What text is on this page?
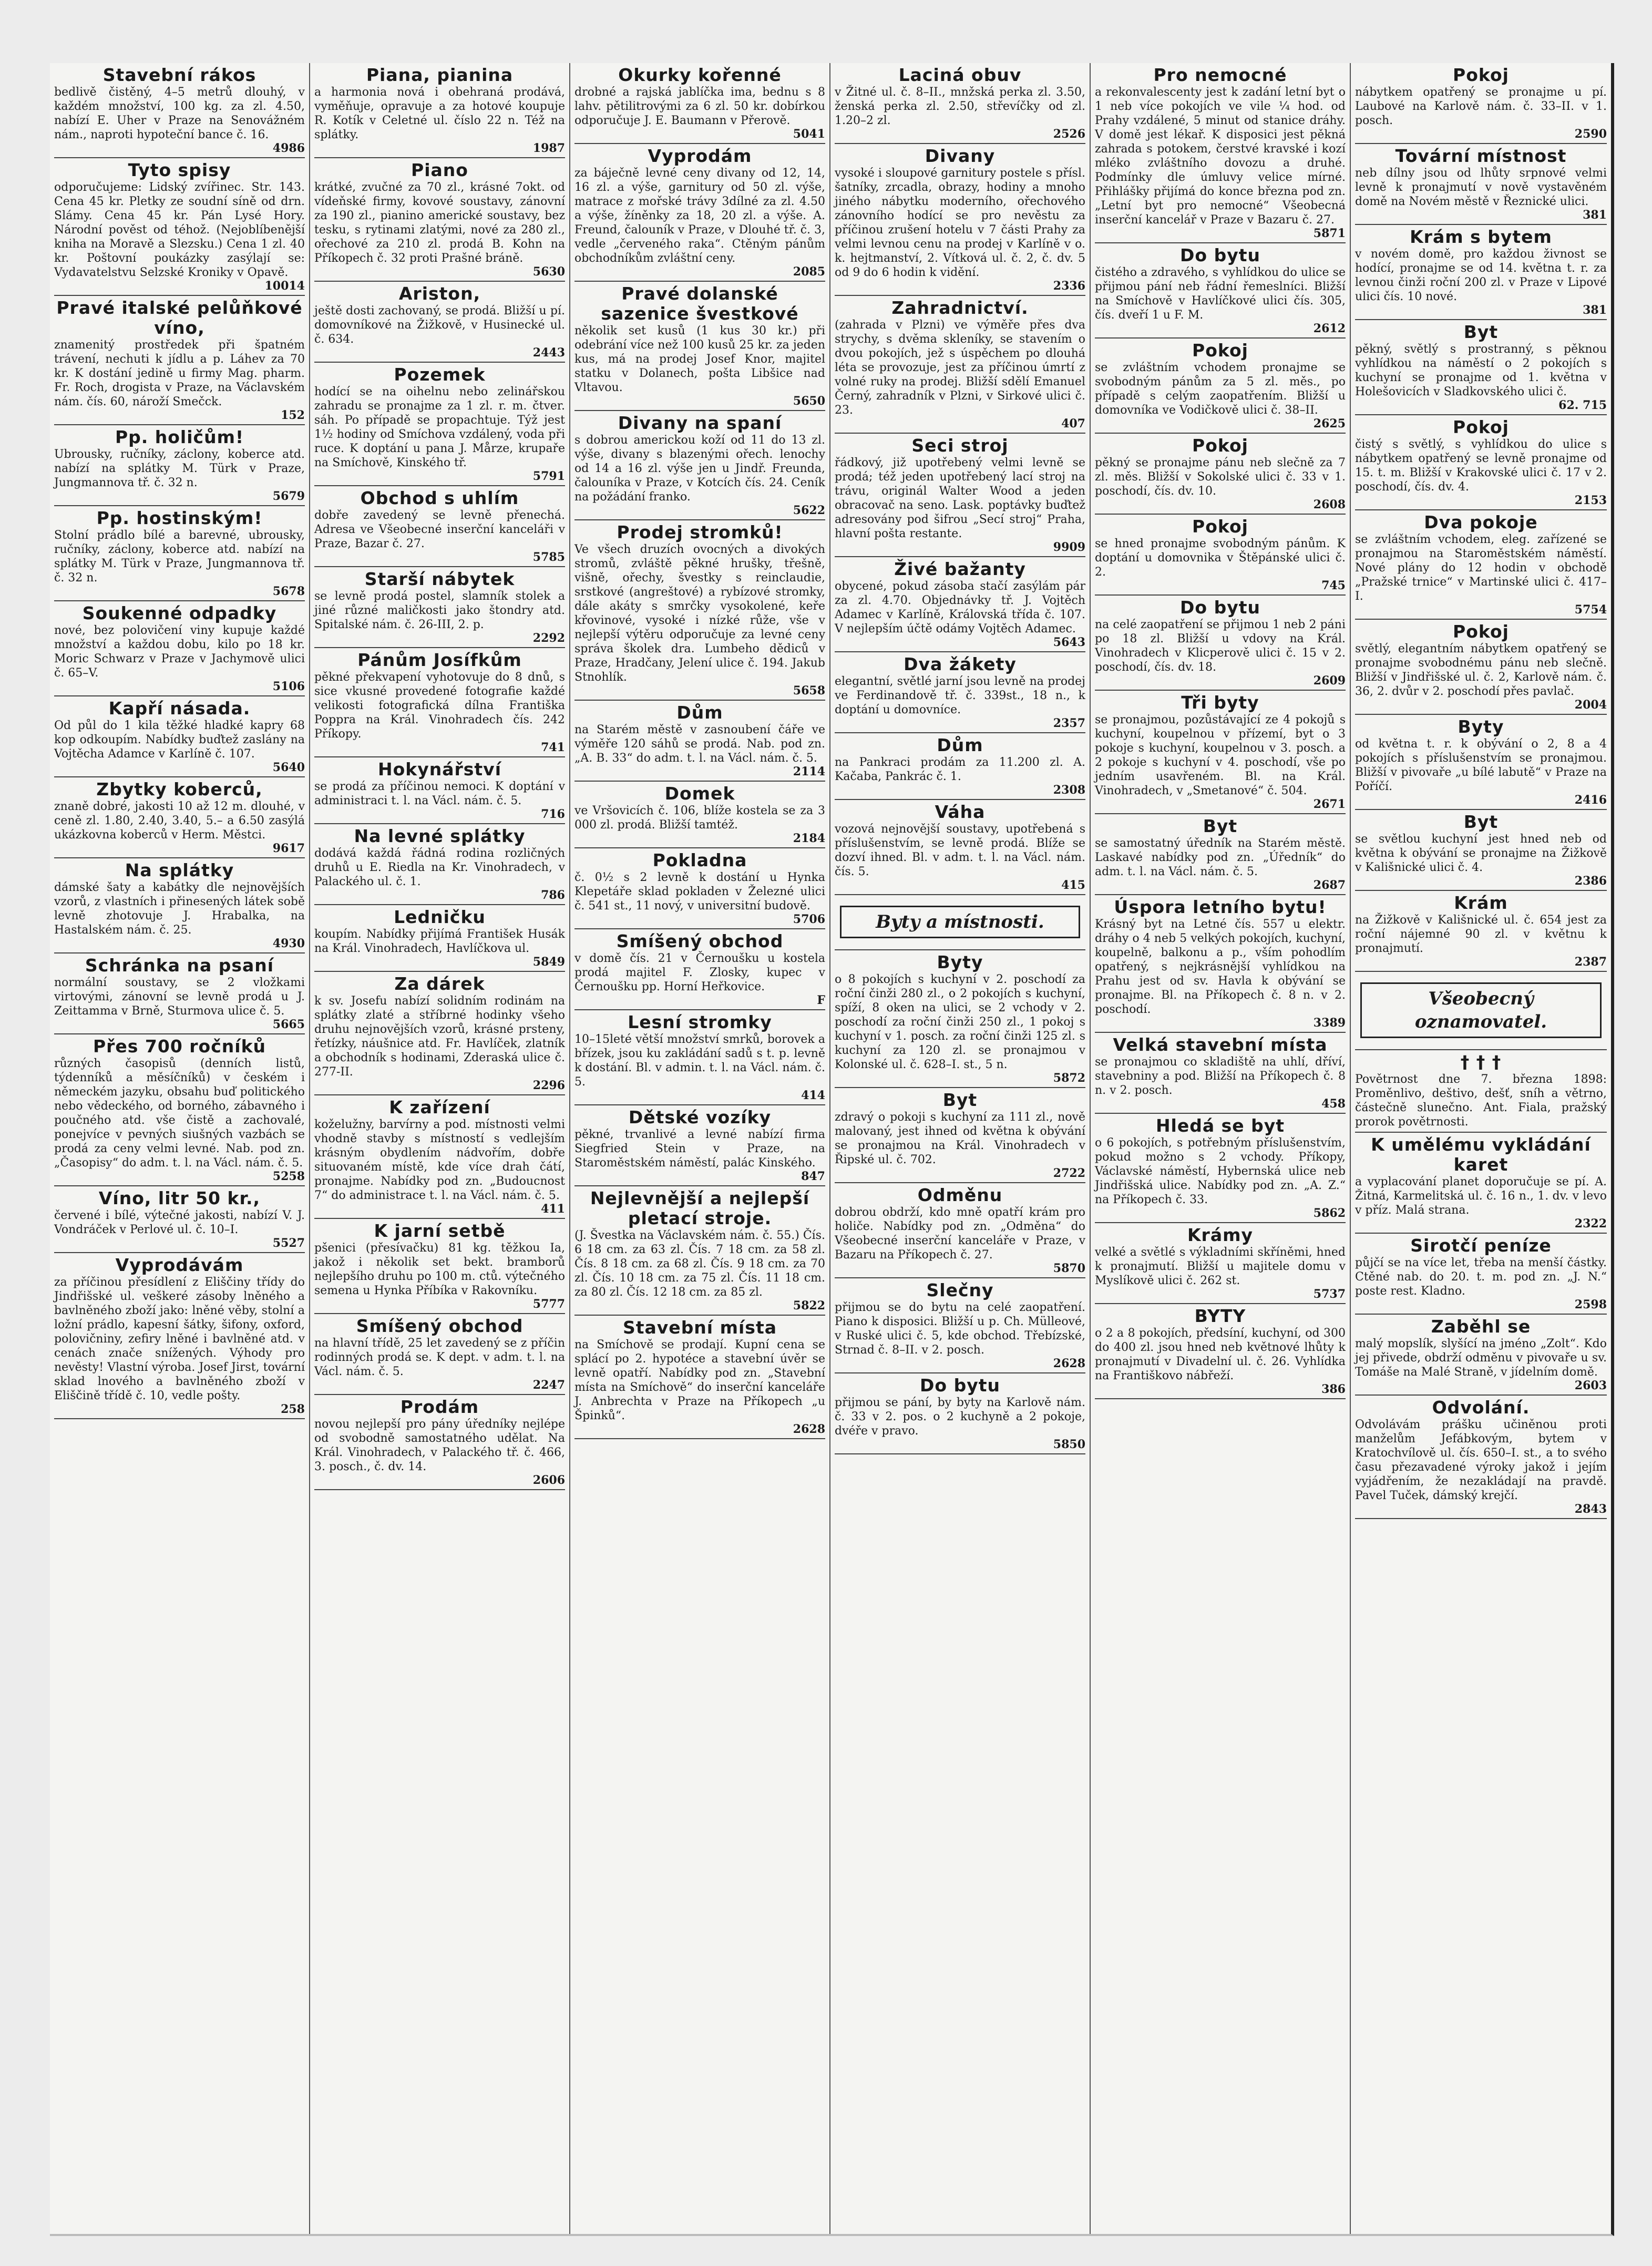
Stavební rákos
bedlivě čistěný, 4–5 metrů dlouhý, v každém množství, 100 kg. za zl. 4.50, nabízí E. Uher v Praze na Senovážném nám., naproti hypoteční bance č. 16.
4986
Tyto spisy
odporučujeme: Lidský zvířinec. Str. 143. Cena 45 kr. Pletky ze soudní síně od drn. Slámy. Cena 45 kr. Pán Lysé Hory. Národní pověst od téhož. (Nejoblíbenější kniha na Moravě a Slezsku.) Cena 1 zl. 40 kr. Poštovní poukázky zasýlají se: Vydavatelstvu Selzské Kroniky v Opavě.
10014
Pravé italské pelůňkové víno,
znamenitý prostředek při špatném trávení, nechuti k jídlu a p. Láhev za 70 kr. K dostání jedině u firmy Mag. pharm. Fr. Roch, drogista v Praze, na Václavském nám. čís. 60, nároží Smečck.
152
Pp. holičům!
Ubrousky, ručníky, záclony, koberce atd. nabízí na splátky M. Türk v Praze, Jungmannova tř. č. 32 n.
5679
Pp. hostinským!
Stolní prádlo bílé a barevné, ubrousky, ručníky, záclony, koberce atd. nabízí na splátky M. Türk v Praze, Jungmannova tř. č. 32 n.
5678
Soukenné odpadky
nové, bez polovičení viny kupuje každé množství a každou dobu, kilo po 18 kr. Moric Schwarz v Praze v Jachymově ulici č. 65–V.
5106
Kapří násada.
Od půl do 1 kila těžké hladké kapry 68 kop odkoupím. Nabídky buďtež zaslány na Vojtěcha Adamce v Karlíně č. 107.
5640
Zbytky koberců,
znaně dobré, jakosti 10 až 12 m. dlouhé, v ceně zl. 1.80, 2.40, 3.40, 5.– a 6.50 zasýlá ukázkovna koberců v Herm. Městci.
9617
Na splátky
dámské šaty a kabátky dle nejnovějších vzorů, z vlastních i přinesených látek sobě levně zhotovuje J. Hrabalka, na Hastalském nám. č. 25.
4930
Schránka na psaní
normální soustavy, se 2 vložkami virtovými, zánovní se levně prodá u J. Zeittamma v Brně, Sturmova ulice č. 5.
5665
Přes 700 ročníků
různých časopisů (denních listů, týdenníků a měsíčníků) v českém i německém jazyku, obsahu buď politického nebo vědeckého, od borného, zábavného i poučného atd. vše čistě a zachovalé, ponejvíce v pevných siušných vazbách se prodá za ceny velmi levné. Nab. pod zn. „Časopisy“ do adm. t. l. na Václ. nám. č. 5.
5258
Víno, litr 50 kr.,
červené i bílé, výtečné jakosti, nabízí V. J. Vondráček v Perlové ul. č. 10–I.
5527
Vyprodávám
za příčinou přesídlení z Eliščiny třídy do Jindřišské ul. veškeré zásoby lněného a bavlněného zboží jako: lněné věby, stolní a ložní prádlo, kapesní šátky, šifony, oxford, polovičniny, zefiry lněné i bavlněné atd. v cenách znače snížených. Výhody pro nevěsty! Vlastní výroba. Josef Jirst, tovární sklad lnového a bavlněného zboží v Eliščině třídě č. 10, vedle pošty.
258
Piana, pianina
a harmonia nová i obehraná prodává, vyměňuje, opravuje a za hotové koupuje R. Kotík v Celetné ul. číslo 22 n. Též na splátky.
1987
Piano
krátké, zvučné za 70 zl., krásné 7okt. od vídeňské firmy, kovové soustavy, zánovní za 190 zl., pianino americké soustavy, bez tesku, s rytinami zlatými, nové za 280 zl., ořechové za 210 zl. prodá B. Kohn na Příkopech č. 32 proti Prašné bráně.
5630
Ariston,
ještě dosti zachovaný, se prodá. Bližší u pí. domovníkové na Žižkově, v Husinecké ul. č. 634.
2443
Pozemek
hodící se na oihelnu nebo zelinářskou zahradu se pronajme za 1 zl. r. m. čtver. sáh. Po případě se propachtuje. Týž jest 1½ hodiny od Smíchova vzdálený, voda při ruce. K doptání u pana J. Mårze, krupaře na Smíchově, Kinského tř.
5791
Obchod s uhlím
dobře zavedený se levně přenechá. Adresa ve Všeobecné inserční kanceláři v Praze, Bazar č. 27.
5785
Starší nábytek
se levně prodá postel, slamník stolek a jiné různé maličkosti jako štondry atd. Spitalské nám. č. 26-III, 2. p.
2292
Pánům Josífkům
pěkné překvapení vyhotovuje do 8 dnů, s sice vkusné provedené fotografie každé velikosti fotografická dílna Františka Poppra na Král. Vinohradech čís. 242 Příkopy.
741
Hokynářství
se prodá za příčinou nemoci. K doptání v administraci t. l. na Václ. nám. č. 5.
716
Na levné splátky
dodává každá řádná rodina rozličných druhů u E. Riedla na Kr. Vinohradech, v Palackého ul. č. 1.
786
Ledničku
koupím. Nabídky přijímá František Husák na Král. Vinohradech, Havlíčkova ul.
5849
Za dárek
k sv. Josefu nabízí solidním rodinám na splátky zlaté a stříbrné hodinky všeho druhu nejnovějších vzorů, krásné prsteny, řetízky, náušnice atd. Fr. Havlíček, zlatník a obchodník s hodinami, Zderaská ulice č. 277-II.
2296
K zařízení
koželužny, barvírny a pod. místnosti velmi vhodně stavby s místností s vedlejším krásným obydlením nádvořím, dobře situovaném místě, kde více drah čátí, pronajme. Nabídky pod zn. „Budoucnost 7“ do administrace t. l. na Václ. nám. č. 5.
411
K jarní setbě
pšenici (přesívačku) 81 kg. těžkou Ia, jakož i několik set bekt. bramborů nejlepšího druhu po 100 m. ctů. výtečného semena u Hynka Příbíka v Rakovníku.
5777
Smíšený obchod
na hlavní třídě, 25 let zavedený se z příčin rodinných prodá se. K dept. v adm. t. l. na Václ. nám. č. 5.
2247
Prodám
novou nejlepší pro pány úředníky nejlépe od svobodně samostatného udělat. Na Král. Vinohradech, v Palackého tř. č. 466, 3. posch., č. dv. 14.
2606
Okurky kořenné
drobné a rajská jablíčka ima, bednu s 8 lahv. pětilitrovými za 6 zl. 50 kr. dobírkou odporučuje J. E. Baumann v Přerově.
5041
Vyprodám
za báječně levné ceny divany od 12, 14, 16 zl. a výše, garnitury od 50 zl. výše, matrace z mořské trávy 3dílné za zl. 4.50 a výše, žíněnky za 18, 20 zl. a výše. A. Freund, čalouník v Praze, v Dlouhé tř. č. 3, vedle „červeného raka“. Ctěným pánům obchodníkům zvláštní ceny.
2085
Pravé dolanské sazenice švestkové
několik set kusů (1 kus 30 kr.) při odebrání více než 100 kusů 25 kr. za jeden kus, má na prodej Josef Knor, majitel statku v Dolanech, pošta Libšice nad Vltavou.
5650
Divany na spaní
s dobrou americkou koží od 11 do 13 zl. výše, divany s blazenými ořech. lenochy od 14 a 16 zl. výše jen u Jindř. Freunda, čalouníka v Praze, v Kotcích čís. 24. Ceník na požádání franko.
5622
Prodej stromků!
Ve všech druzích ovocných a divokých stromů, zvláště pěkné hrušky, třešně, višně, ořechy, švestky s reinclaudie, srstkové (angreštové) a rybízové stromky, dále akáty s smrčky vysokolené, keře křovinové, vysoké i nízké růže, vše v nejlepší výtěru odporučuje za levné ceny správa školek dra. Lumbeho dědiců v Praze, Hradčany, Jelení ulice č. 194. Jakub Stnohlík.
5658
Dům
na Starém městě v zasnoubení čáře ve výměře 120 sáhů se prodá. Nab. pod zn. „A. B. 33“ do adm. t. l. na Václ. nám. č. 5.
2114
Domek
ve Vršovicích č. 106, blíže kostela se za 3 000 zl. prodá. Bližší tamtéž.
2184
Pokladna
č. 0½ s 2 levně k dostání u Hynka Klepetáře sklad pokladen v Železné ulici č. 541 st., 11 nový, v universitní budově.
5706
Smíšený obchod
v domě čís. 21 v Černoušku u kostela prodá majitel F. Zlosky, kupec v Černoušku pp. Horní Heřkovice.
F
Lesní stromky
10–15leté větší množství smrků, borovek a břízek, jsou ku zakládání sadů s t. p. levně k dostání. Bl. v admin. t. l. na Václ. nám. č. 5.
414
Dětské vozíky
pěkné, trvanlivé a levné nabízí firma Siegfried Stein v Praze, na Staroměstském náměstí, palác Kinského.
847
Nejlevnější a nejlepší pletací stroje.
(J. Švestka na Václavském nám. č. 55.) Čís. 6 18 cm. za 63 zl. Čís. 7 18 cm. za 58 zl. Čís. 8 18 cm. za 68 zl. Čís. 9 18 cm. za 70 zl. Čís. 10 18 cm. za 75 zl. Čís. 11 18 cm. za 80 zl. Čís. 12 18 cm. za 85 zl.
5822
Stavební místa
na Smíchově se prodají. Kupní cena se splácí po 2. hypotéce a stavební úvěr se levně opatří. Nabídky pod zn. „Stavební místa na Smíchově“ do inserční kanceláře J. Anbrechta v Praze na Příkopech „u Špinků“.
2628
Laciná obuv
v Žitné ul. č. 8–II., mnžská perka zl. 3.50, ženská perka zl. 2.50, střevíčky od zl. 1.20–2 zl.
2526
Divany
vysoké i sloupové garnitury postele s přísl. šatníky, zrcadla, obrazy, hodiny a mnoho jiného nábytku moderního, ořechového zánovního hodící se pro nevěstu za příčinou zrušení hotelu v 7 části Prahy za velmi levnou cenu na prodej v Karlíně v o. k. hejtmanství, 2. Vítková ul. č. 2, č. dv. 5 od 9 do 6 hodin k vidění.
2336
Zahradnictví.
(zahrada v Plzni) ve výměře přes dva strychy, s dvěma skleníky, se stavením o dvou pokojích, jež s úspěchem po dlouhá léta se provozuje, jest za příčinou úmrtí z volné ruky na prodej. Bližší sdělí Emanuel Černý, zahradník v Plzni, v Sirkové ulici č. 23.
407
Seci stroj
řádkový, již upotřebený velmi levně se prodá; též jeden upotřebený lací stroj na trávu, originál Walter Wood a jeden obracovač na seno. Lask. poptávky buďtež adresovány pod šifrou „Secí stroj“ Praha, hlavní pošta restante.
9909
Živé bažanty
obycené, pokud zásoba stačí zasýlám pár za zl. 4.70. Objednávky tř. J. Vojtěch Adamec v Karlíně, Královská třída č. 107. V nejlepším účtě odámy Vojtěch Adamec.
5643
Dva žákety
elegantní, světlé jarní jsou levně na prodej ve Ferdinandově tř. č. 339st., 18 n., k doptání u domovníce.
2357
Dům
na Pankraci prodám za 11.200 zl. A. Kačaba, Pankrác č. 1.
2308
Váha
vozová nejnovější soustavy, upotřebená s příslušenstvím, se levně prodá. Blíže se dozví ihned. Bl. v adm. t. l. na Václ. nám. čís. 5.
415
Byty a místnosti.
Byty
o 8 pokojích s kuchyní v 2. poschodí za roční činži 280 zl., o 2 pokojích s kuchyní, spíží, 8 oken na ulici, se 2 vchody v 2. poschodí za roční činži 250 zl., 1 pokoj s kuchyní v 1. posch. za roční činži 125 zl. s kuchyní za 120 zl. se pronajmou v Kolonské ul. č. 628–I. st., 5 n.
5872
Byt
zdravý o pokoji s kuchyní za 111 zl., nově malovaný, jest ihned od května k obývání se pronajmou na Král. Vinohradech v Řipské ul. č. 702.
2722
Odměnu
dobrou obdrží, kdo mně opatří krám pro holiče. Nabídky pod zn. „Odměna“ do Všeobecné inserční kanceláře v Praze, v Bazaru na Příkopech č. 27.
5870
Slečny
přijmou se do bytu na celé zaopatření. Piano k disposici. Bližší u p. Ch. Mülleové, v Ruské ulici č. 5, kde obchod. Třebízské, Strnad č. 8–II. v 2. posch.
2628
Do bytu
přijmou se pání, by byty na Karlově nám. č. 33 v 2. pos. o 2 kuchyně a 2 pokoje, dvéře v pravo.
5850
Pro nemocné
a rekonvalescenty jest k zadání letní byt o 1 neb více pokojích ve vile ¼ hod. od Prahy vzdálené, 5 minut od stanice dráhy. V domě jest lékař. K disposici jest pěkná zahrada s potokem, čerstvé kravské i kozí mléko zvláštního dovozu a druhé. Podmínky dle úmluvy velice mírné. Přihlášky přijímá do konce března pod zn. „Letní byt pro nemocné“ Všeobecná inserční kancelář v Praze v Bazaru č. 27.
5871
Do bytu
čistého a zdravého, s vyhlídkou do ulice se přijmou pání neb řádní řemeslníci. Bližší na Smíchově v Havlíčkové ulici čís. 305, čís. dveří 1 u F. M.
2612
Pokoj
se zvláštním vchodem pronajme se svobodným pánům za 5 zl. měs., po případě s celým zaopatřením. Bližší u domovníka ve Vodičkově ulici č. 38–II.
2625
Pokoj
pěkný se pronajme pánu neb slečně za 7 zl. měs. Bližší v Sokolské ulici č. 33 v 1. poschodí, čís. dv. 10.
2608
Pokoj
se hned pronajme svobodným pánům. K doptání u domovnika v Štěpánské ulici č. 2.
745
Do bytu
na celé zaopatření se přijmou 1 neb 2 páni po 18 zl. Bližší u vdovy na Král. Vinohradech v Klicperově ulici č. 15 v 2. poschodí, čís. dv. 18.
2609
Tři byty
se pronajmou, pozůstávající ze 4 pokojů s kuchyní, koupelnou v přízemí, byt o 3 pokoje s kuchyní, koupelnou v 3. posch. a 2 pokoje s kuchyní v 4. poschodí, vše po jedním usavřeném. Bl. na Král. Vinohradech, v „Smetanové“ č. 504.
2671
Byt
se samostatný úředník na Starém městě. Laskavé nabídky pod zn. „Úředník“ do adm. t. l. na Václ. nám. č. 5.
2687
Úspora letního bytu!
Krásný byt na Letné čís. 557 u elektr. dráhy o 4 neb 5 velkých pokojích, kuchyní, koupelně, balkonu a p., vším pohodlím opatřený, s nejkrásnější vyhlídkou na Prahu jest od sv. Havla k obývání se pronajme. Bl. na Příkopech č. 8 n. v 2. poschodí.
3389
Velká stavební místa
se pronajmou co skladiště na uhlí, dříví, stavebniny a pod. Bližší na Příkopech č. 8 n. v 2. posch.
458
Hledá se byt
o 6 pokojích, s potřebným příslušenstvím, pokud možno s 2 vchody. Příkopy, Václavské náměstí, Hybernská ulice neb Jindřišská ulice. Nabídky pod zn. „A. Z.“ na Příkopech č. 33.
5862
Krámy
velké a světlé s výkladními skříněmi, hned k pronajmutí. Bližší u majitele domu v Myslíkově ulici č. 262 st.
5737
BYTY
o 2 a 8 pokojích, předsíní, kuchyní, od 300 do 400 zl. jsou hned neb květnové lhůty k pronajmutí v Divadelní ul. č. 26. Vyhlídka na Františkovo nábřeží.
386
Pokoj
nábytkem opatřený se pronajme u pí. Laubové na Karlově nám. č. 33–II. v 1. posch.
2590
Tovární místnost
neb dílny jsou od lhůty srpnové velmi levně k pronajmutí v nově vystavěném domě na Novém městě v Řeznické ulici.
381
Krám s bytem
v novém domě, pro každou živnost se hodící, pronajme se od 14. května t. r. za levnou činži roční 200 zl. v Praze v Lipové ulici čís. 10 nové.
381
Byt
pěkný, světlý s prostranný, s pěknou vyhlídkou na náměstí o 2 pokojích s kuchyní se pronajme od 1. května v Holešovicích v Sladkovského ulici č.
62. 715
Pokoj
čistý s světlý, s vyhlídkou do ulice s nábytkem opatřený se levně pronajme od 15. t. m. Bližší v Krakovské ulici č. 17 v 2. poschodí, čís. dv. 4.
2153
Dva pokoje
se zvláštním vchodem, eleg. zařízené se pronajmou na Staroměstském náměstí. Nové plány do 12 hodin v obchodě „Pražské trnice“ v Martinské ulici č. 417–I.
5754
Pokoj
světlý, elegantním nábytkem opatřený se pronajme svobodnému pánu neb slečně. Bližší v Jindřišské ul. č. 2, Karlově nám. č. 36, 2. dvůr v 2. poschodí přes pavlač.
2004
Byty
od května t. r. k obývání o 2, 8 a 4 pokojích s příslušenstvím se pronajmou. Bližší v pivovaře „u bílé labutě“ v Praze na Poříčí.
2416
Byt
se světlou kuchyní jest hned neb od května k obývání se pronajme na Žižkově v Kališnické ulici č. 4.
2386
Krám
na Žižkově v Kališnické ul. č. 654 jest za roční nájemné 90 zl. v květnu k pronajmutí.
2387
Všeobecný oznamovatel.
† † †
Povětrnost dne 7. března 1898: Proměnlivo, deštivo, dešť, sníh a větrno, částečně slunečno. Ant. Fiala, pražský prorok povětrnosti.
K umělému vykládání karet
a vyplacování planet doporučuje se pí. A. Žitná, Karmelitská ul. č. 16 n., 1. dv. v levo v příz. Malá strana.
2322
Sirotčí peníze
půjčí se na více let, třeba na menší částky. Ctěné nab. do 20. t. m. pod zn. „J. N.“ poste rest. Kladno.
2598
Zaběhl se
malý mopslík, slyšící na jméno „Zolt“. Kdo jej přivede, obdrží odměnu v pivovaře u sv. Tomáše na Malé Straně, v jídelním domě.
2603
Odvolání.
Odvolávám prášku učiněnou proti manželům Jefábkovým, bytem v Kratochvílově ul. čís. 650–I. st., a to svého času přezavadené výroky jakož i jejím vyjádřením, že nezakládají na pravdě. Pavel Tuček, dámský krejčí.
2843
